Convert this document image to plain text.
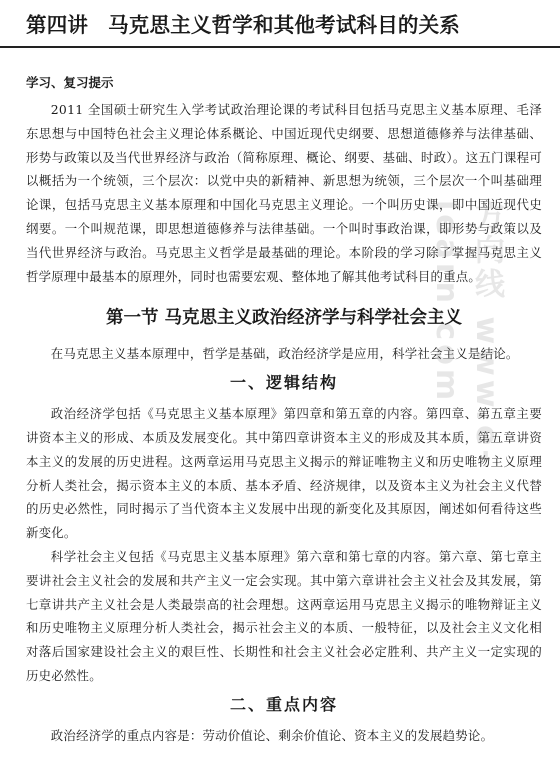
第四讲 马克思主义哲学和其他考试科目的关系
学习、复习提示

2011 全国硕士研究生入学考试政治理论课的考试科目包括马克思主义基本原理、毛泽东思想与中国特色社会主义理论体系概论、中国近现代史纲要、思想道德修养与法律基础、形势与政策以及当代世界经济与政治（简称原理、概论、纲要、基础、时政）。这五门课程可以概括为一个统领，三个层次：以党中央的新精神、新思想为统领，三个层次一个叫基础理论课，包括马克思主义基本原理和中国化马克思主义理论。一个叫历史课，即中国近现代史纲要。一个叫规范课，即思想道德修养与法律基础。一个叫时事政治课，即形势与政策以及当代世界经济与政治。马克思主义哲学是最基础的理论。本阶段的学习除了掌握马克思主义哲学原理中最基本的原理外，同时也需要宏观、整体地了解其他考试科目的重点。

第一节 马克思主义政治经济学与科学社会主义

在马克思主义基本原理中，哲学是基础，政治经济学是应用，科学社会主义是结论。

一、逻辑结构

政治经济学包括《马克思主义基本原理》第四章和第五章的内容。第四章、第五章主要讲资本主义的形成、本质及发展变化。其中第四章讲资本主义的形成及其本质，第五章讲资本主义的发展的历史进程。这两章运用马克思主义揭示的辩证唯物主义和历史唯物主义原理分析人类社会，揭示资本主义的本质、基本矛盾、经济规律，以及资本主义为社会主义代替的历史必然性，同时揭示了当代资本主义发展中出现的新变化及其原因，阐述如何看待这些新变化。

科学社会主义包括《马克思主义基本原理》第六章和第七章的内容。第六章、第七章主要讲社会主义社会的发展和共产主义一定会实现。其中第六章讲社会主义社会及其发展，第七章讲共产主义社会是人类最崇高的社会理想。这两章运用马克思主义揭示的唯物辩证主义和历史唯物主义原理分析人类社会，揭示社会主义的本质、一般特征，以及社会主义文化相对落后国家建设社会主义的艰巨性、长期性和社会主义社会必定胜利、共产主义一定实现的历史必然性。

二、重点内容

政治经济学的重点内容是：劳动价值论、剩余价值论、资本主义的发展趋势论。

方向线 www.e-learn.com
